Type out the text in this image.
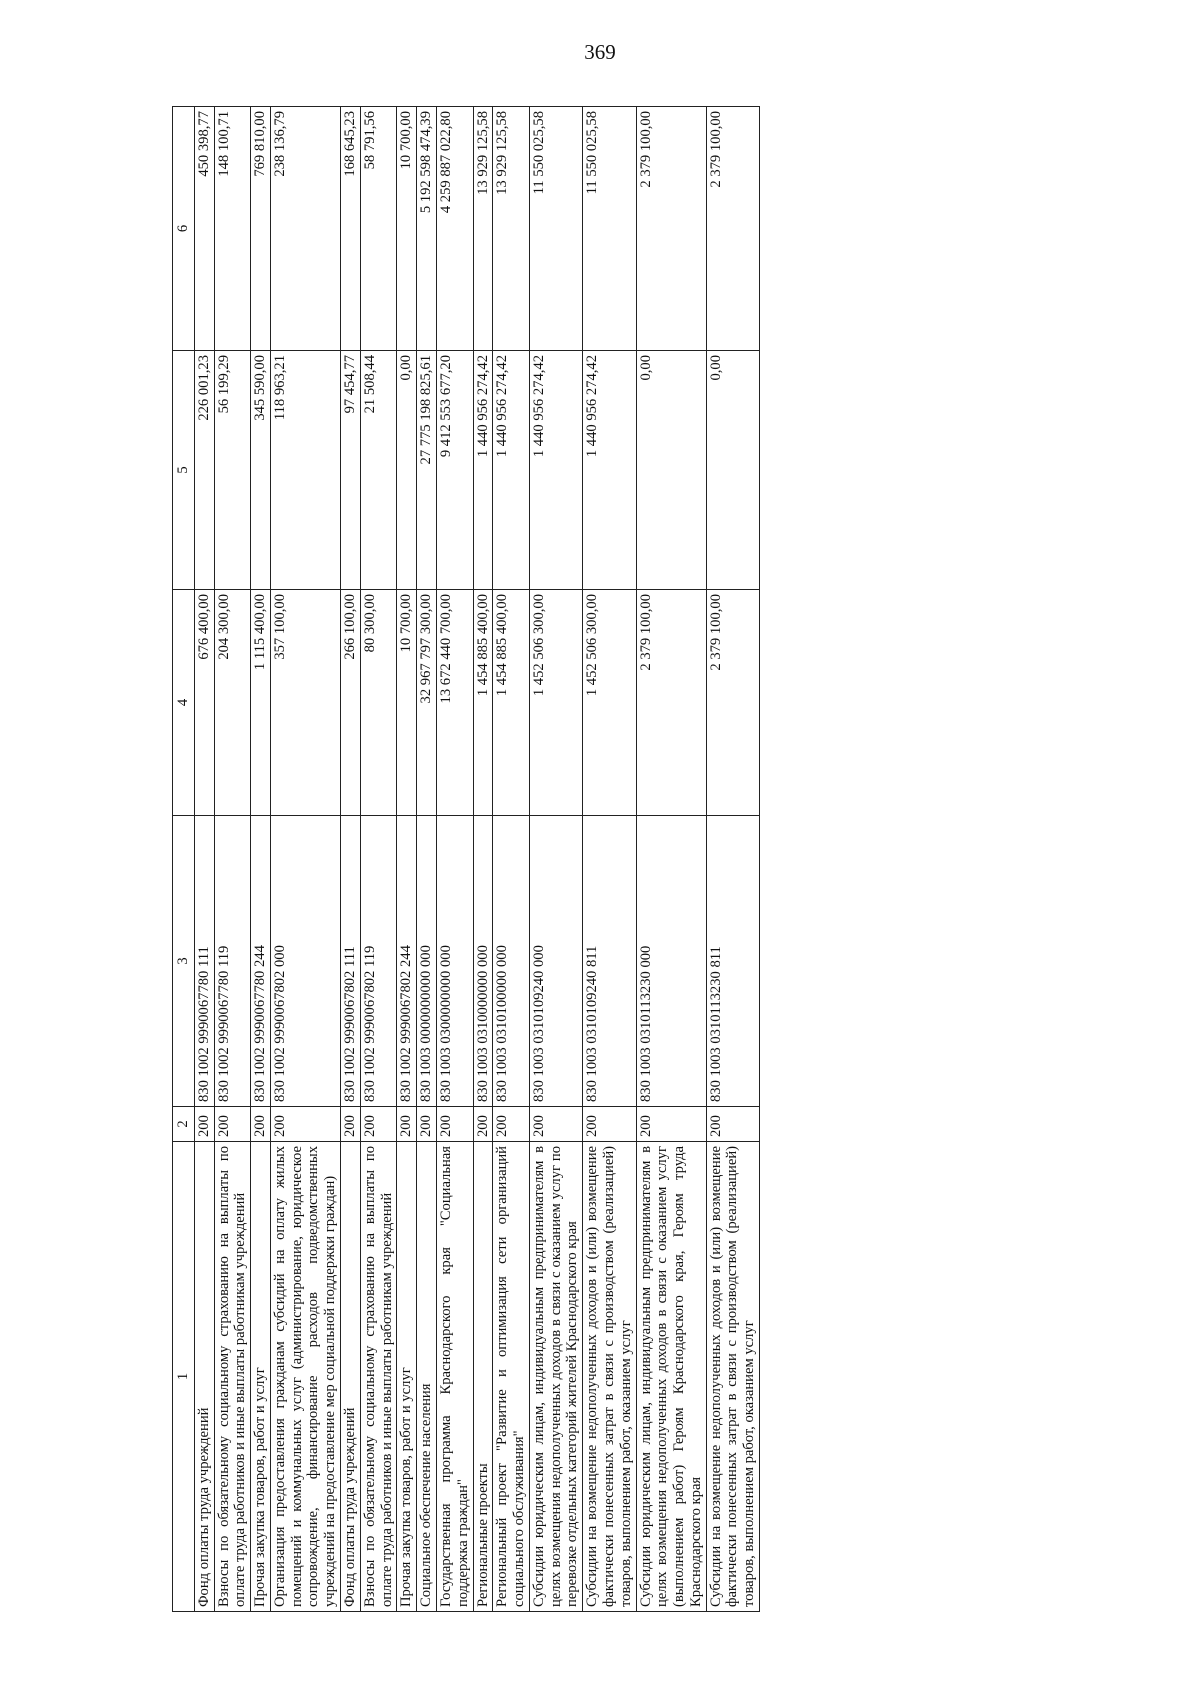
369
1	2	3	4	5	6
Фонд оплаты труда учреждений	200	830 1002 9990067780 111	676 400,00	226 001,23	450 398,77
Взносы по обязательному социальному страхованию на выплаты по оплате труда работников и иные выплаты работникам учреждений	200	830 1002 9990067780 119	204 300,00	56 199,29	148 100,71
Прочая закупка товаров, работ и услуг	200	830 1002 9990067780 244	1 115 400,00	345 590,00	769 810,00
Организация предоставления гражданам субсидий на оплату жилых помещений и коммунальных услуг (администрирование, юридическое сопровождение, финансирование расходов подведомственных учреждений на предоставление мер социальной поддержки граждан)	200	830 1002 9990067802 000	357 100,00	118 963,21	238 136,79
Фонд оплаты труда учреждений	200	830 1002 9990067802 111	266 100,00	97 454,77	168 645,23
Взносы по обязательному социальному страхованию на выплаты по оплате труда работников и иные выплаты работникам учреждений	200	830 1002 9990067802 119	80 300,00	21 508,44	58 791,56
Прочая закупка товаров, работ и услуг	200	830 1002 9990067802 244	10 700,00	0,00	10 700,00
Социальное обеспечение населения	200	830 1003 0000000000 000	32 967 797 300,00	27 775 198 825,61	5 192 598 474,39
Государственная программа Краснодарского края "Социальная поддержка граждан"	200	830 1003 0300000000 000	13 672 440 700,00	9 412 553 677,20	4 259 887 022,80
Региональные проекты	200	830 1003 0310000000 000	1 454 885 400,00	1 440 956 274,42	13 929 125,58
Региональный проект "Развитие и оптимизация сети организаций социального обслуживания"	200	830 1003 0310100000 000	1 454 885 400,00	1 440 956 274,42	13 929 125,58
Субсидии юридическим лицам, индивидуальным предпринимателям в целях возмещения недополученных доходов в связи с оказанием услуг по перевозке отдельных категорий жителей Краснодарского края	200	830 1003 0310109240 000	1 452 506 300,00	1 440 956 274,42	11 550 025,58
Субсидии на возмещение недополученных доходов и (или) возмещение фактически понесенных затрат в связи с производством (реализацией) товаров, выполнением работ, оказанием услуг	200	830 1003 0310109240 811	1 452 506 300,00	1 440 956 274,42	11 550 025,58
Субсидии юридическим лицам, индивидуальным предпринимателям в целях возмещения недополученных доходов в связи с оказанием услуг (выполнением работ) Героям Краснодарского края, Героям труда Краснодарского края	200	830 1003 0310113230 000	2 379 100,00	0,00	2 379 100,00
Субсидии на возмещение недополученных доходов и (или) возмещение фактически понесенных затрат в связи с производством (реализацией) товаров, выполнением работ, оказанием услуг	200	830 1003 0310113230 811	2 379 100,00	0,00	2 379 100,00
